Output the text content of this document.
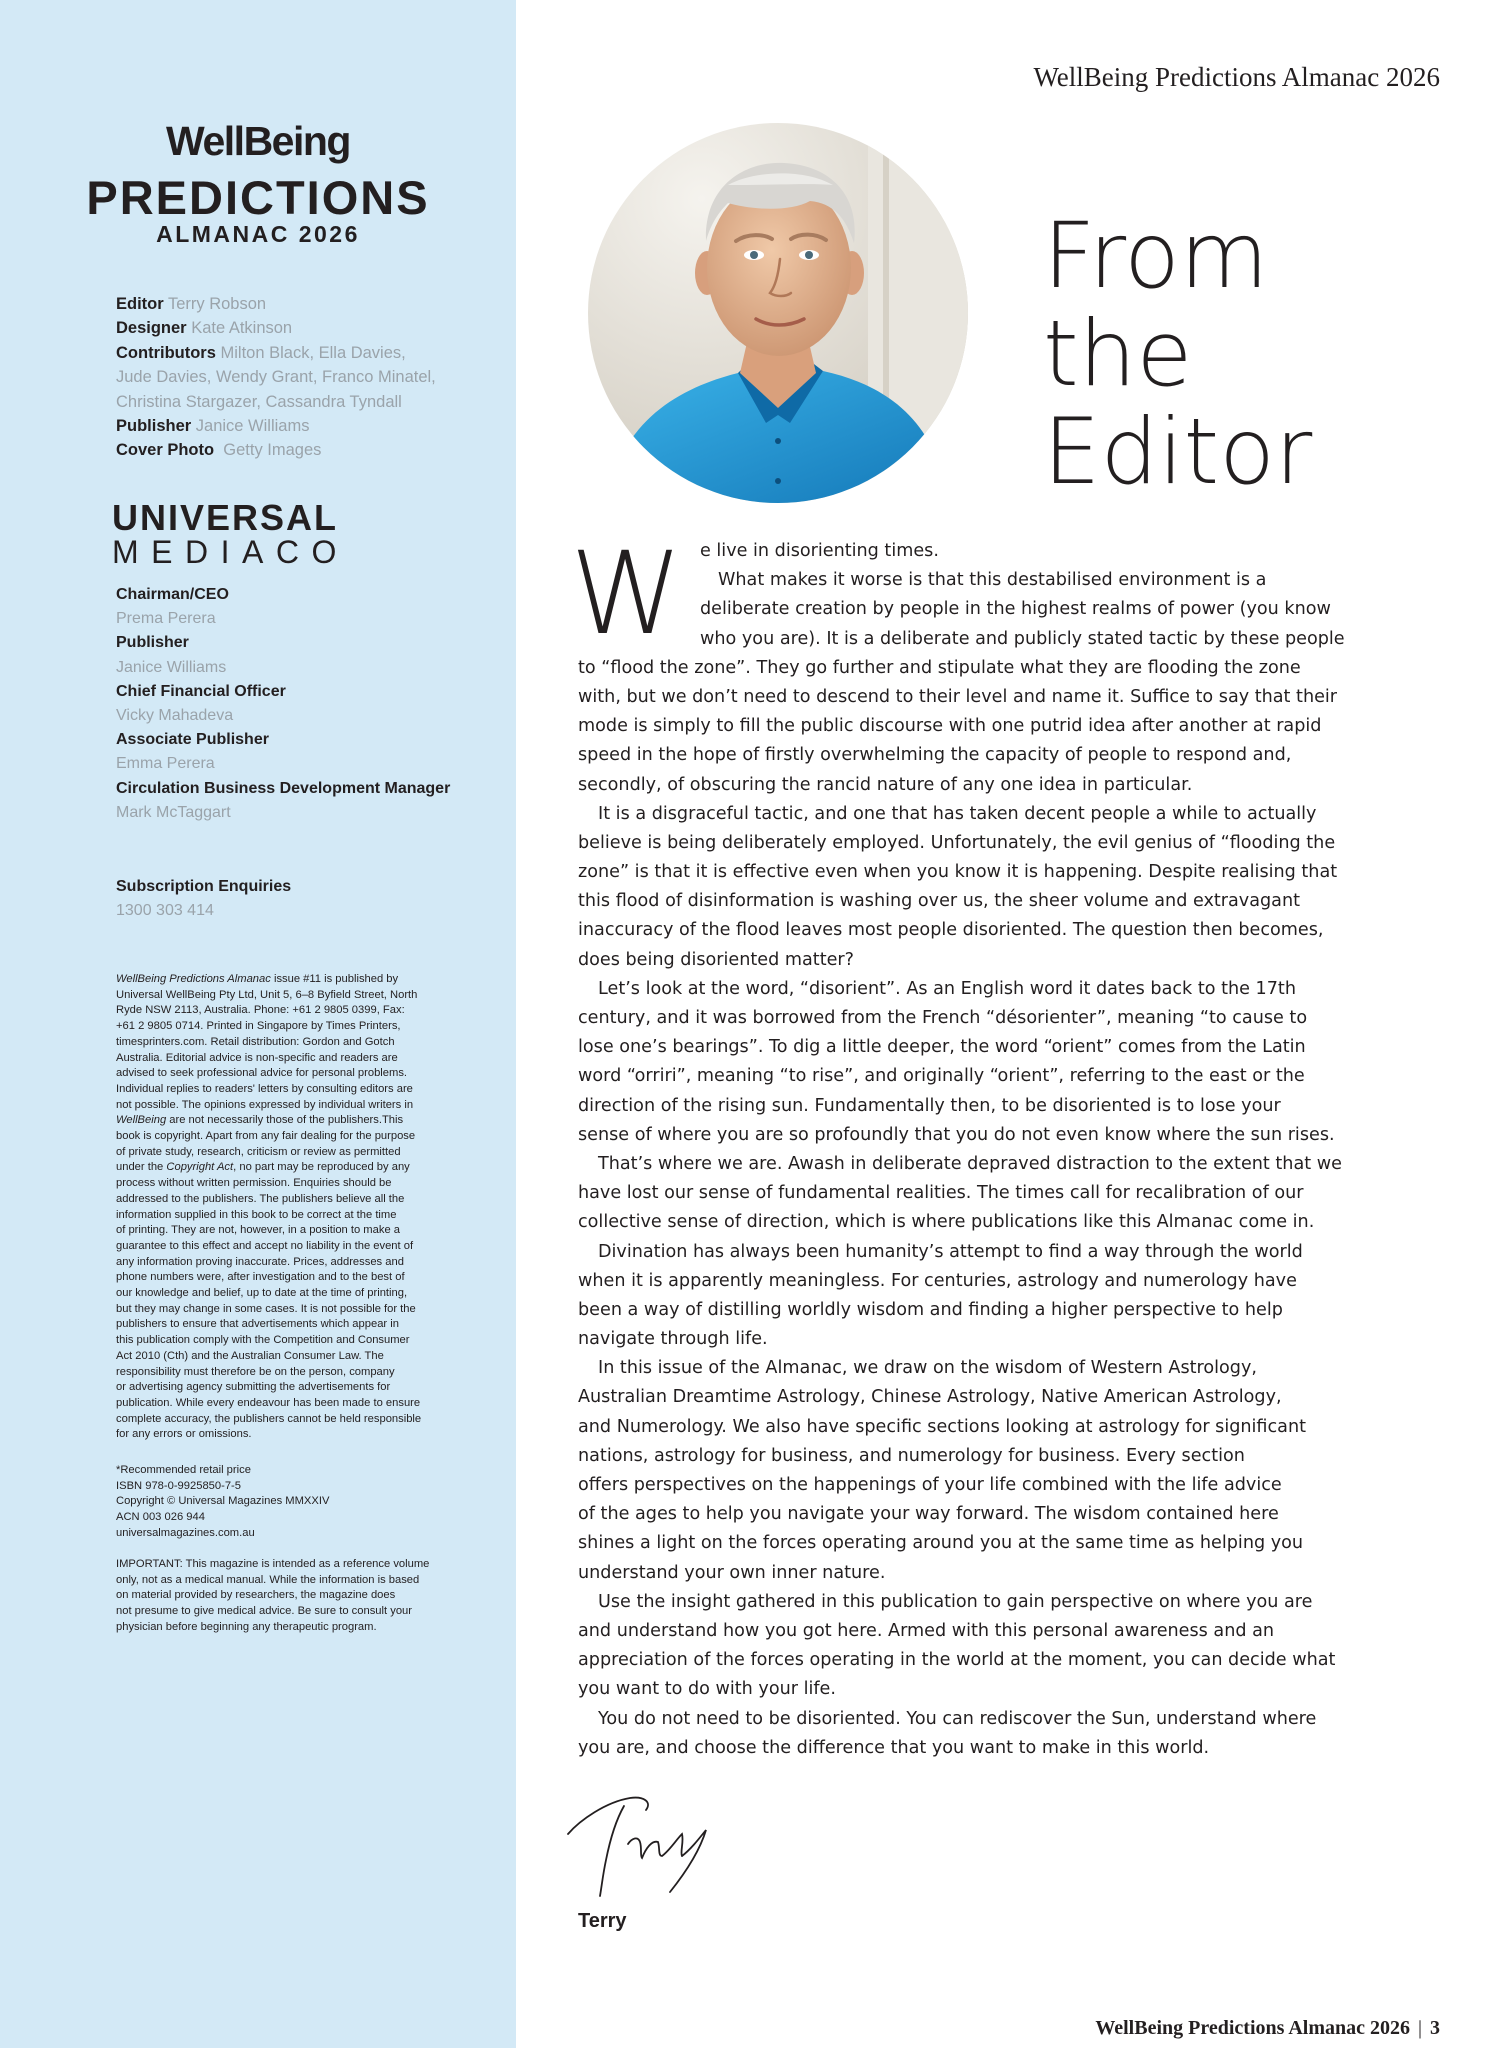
WellBeing
PREDICTIONS
ALMANAC 2026
Editor Terry Robson
Designer Kate Atkinson
Contributors Milton Black, Ella Davies,
Jude Davies, Wendy Grant, Franco Minatel,
Christina Stargazer, Cassandra Tyndall
Publisher Janice Williams
Cover Photo Getty Images
UNIVERSAL
MEDIACO
Chairman/CEO
Prema Perera
Publisher
Janice Williams
Chief Financial Officer
Vicky Mahadeva
Associate Publisher
Emma Perera
Circulation Business Development Manager
Mark McTaggart
Subscription Enquiries
1300 303 414
WellBeing Predictions Almanac issue #11 is published by
Universal WellBeing Pty Ltd, Unit 5, 6–8 Byfield Street, North
Ryde NSW 2113, Australia. Phone: +61 2 9805 0399, Fax:
+61 2 9805 0714. Printed in Singapore by Times Printers,
timesprinters.com. Retail distribution: Gordon and Gotch
Australia. Editorial advice is non-specific and readers are
advised to seek professional advice for personal problems.
Individual replies to readers' letters by consulting editors are
not possible. The opinions expressed by individual writers in
WellBeing are not necessarily those of the publishers.This
book is copyright. Apart from any fair dealing for the purpose
of private study, research, criticism or review as permitted
under the Copyright Act, no part may be reproduced by any
process without written permission. Enquiries should be
addressed to the publishers. The publishers believe all the
information supplied in this book to be correct at the time
of printing. They are not, however, in a position to make a
guarantee to this effect and accept no liability in the event of
any information proving inaccurate. Prices, addresses and
phone numbers were, after investigation and to the best of
our knowledge and belief, up to date at the time of printing,
but they may change in some cases. It is not possible for the
publishers to ensure that advertisements which appear in
this publication comply with the Competition and Consumer
Act 2010 (Cth) and the Australian Consumer Law. The
responsibility must therefore be on the person, company
or advertising agency submitting the advertisements for
publication. While every endeavour has been made to ensure
complete accuracy, the publishers cannot be held responsible
for any errors or omissions.
*Recommended retail price
ISBN 978-0-9925850-7-5
Copyright © Universal Magazines MMXXIV
ACN 003 026 944
universalmagazines.com.au
IMPORTANT: This magazine is intended as a reference volume
only, not as a medical manual. While the information is based
on material provided by researchers, the magazine does
not presume to give medical advice. Be sure to consult your
physician before beginning any therapeutic program.
WellBeing Predictions Almanac 2026
From
the
Editor
W e live in disorienting times.
What makes it worse is that this destabilised environment is a
deliberate creation by people in the highest realms of power (you know
who you are). It is a deliberate and publicly stated tactic by these people
to “flood the zone”. They go further and stipulate what they are flooding the zone
with, but we don’t need to descend to their level and name it. Suffice to say that their
mode is simply to fill the public discourse with one putrid idea after another at rapid
speed in the hope of firstly overwhelming the capacity of people to respond and,
secondly, of obscuring the rancid nature of any one idea in particular.
It is a disgraceful tactic, and one that has taken decent people a while to actually
believe is being deliberately employed. Unfortunately, the evil genius of “flooding the
zone” is that it is effective even when you know it is happening. Despite realising that
this flood of disinformation is washing over us, the sheer volume and extravagant
inaccuracy of the flood leaves most people disoriented. The question then becomes,
does being disoriented matter?
Let’s look at the word, “disorient”. As an English word it dates back to the 17th
century, and it was borrowed from the French “désorienter”, meaning “to cause to
lose one’s bearings”. To dig a little deeper, the word “orient” comes from the Latin
word “orriri”, meaning “to rise”, and originally “orient”, referring to the east or the
direction of the rising sun. Fundamentally then, to be disoriented is to lose your
sense of where you are so profoundly that you do not even know where the sun rises.
That’s where we are. Awash in deliberate depraved distraction to the extent that we
have lost our sense of fundamental realities. The times call for recalibration of our
collective sense of direction, which is where publications like this Almanac come in.
Divination has always been humanity’s attempt to find a way through the world
when it is apparently meaningless. For centuries, astrology and numerology have
been a way of distilling worldly wisdom and finding a higher perspective to help
navigate through life.
In this issue of the Almanac, we draw on the wisdom of Western Astrology,
Australian Dreamtime Astrology, Chinese Astrology, Native American Astrology,
and Numerology. We also have specific sections looking at astrology for significant
nations, astrology for business, and numerology for business. Every section
offers perspectives on the happenings of your life combined with the life advice
of the ages to help you navigate your way forward. The wisdom contained here
shines a light on the forces operating around you at the same time as helping you
understand your own inner nature.
Use the insight gathered in this publication to gain perspective on where you are
and understand how you got here. Armed with this personal awareness and an
appreciation of the forces operating in the world at the moment, you can decide what
you want to do with your life.
You do not need to be disoriented. You can rediscover the Sun, understand where
you are, and choose the difference that you want to make in this world.
Terry
WellBeing Predictions Almanac 2026 | 3
